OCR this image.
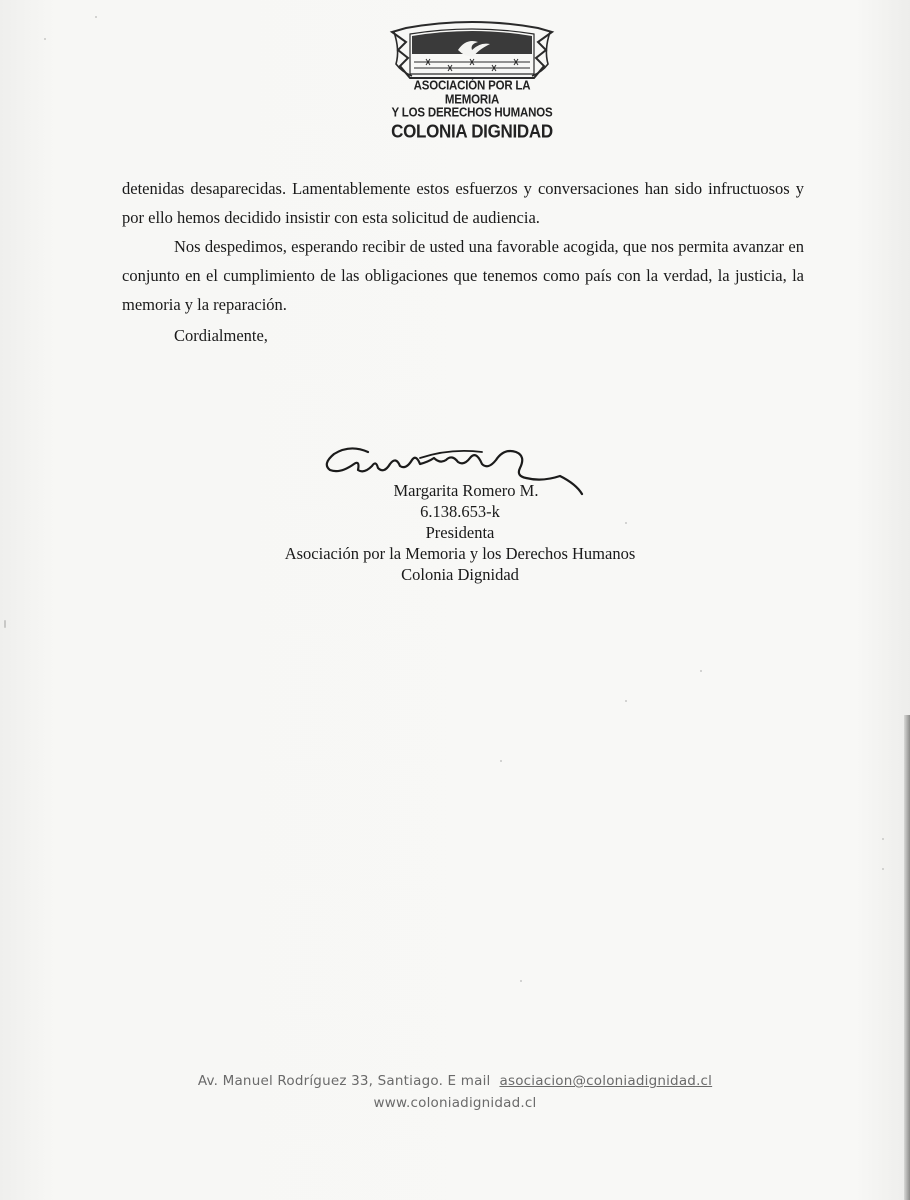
ASOCIACIÓN POR LA MEMORIA
Y LOS DERECHOS HUMANOS
COLONIA DIGNIDAD

detenidas desaparecidas. Lamentablemente estos esfuerzos y conversaciones han sido infructuosos y por ello hemos decidido insistir con esta solicitud de audiencia.

Nos despedimos, esperando recibir de usted una favorable acogida, que nos permita avanzar en conjunto en el cumplimiento de las obligaciones que tenemos como país con la verdad, la justicia, la memoria y la reparación.

Cordialmente,

Margarita Romero M.
6.138.653-k
Presidenta
Asociación por la Memoria y los Derechos Humanos
Colonia Dignidad
Av. Manuel Rodríguez 33, Santiago. E mail asociacion@coloniadignidad.cl
www.coloniadignidad.cl
